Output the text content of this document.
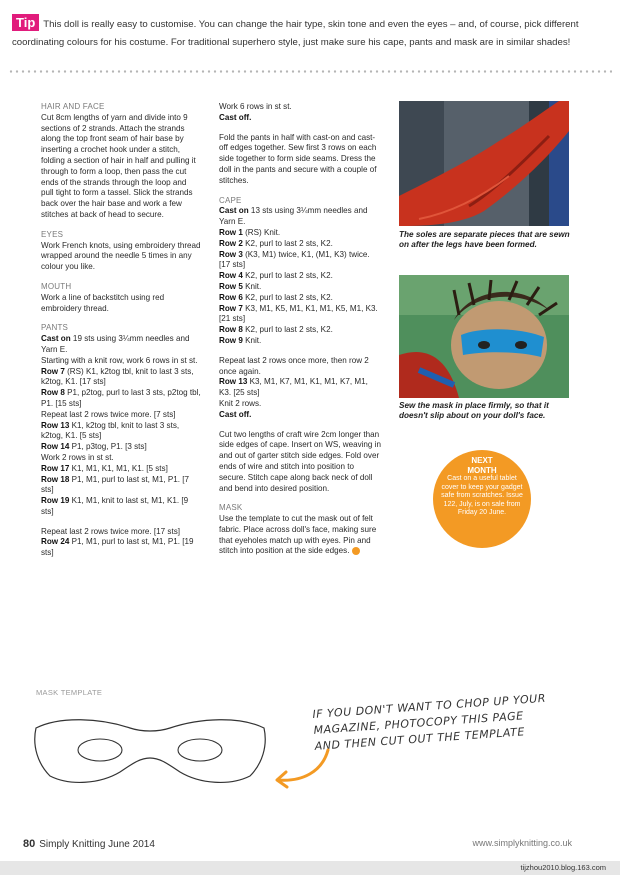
Tip This doll is really easy to customise. You can change the hair type, skin tone and even the eyes – and, of course, pick different coordinating colours for his costume. For traditional superhero style, just make sure his cape, pants and mask are in similar shades!
HAIR AND FACE
Cut 8cm lengths of yarn and divide into 9 sections of 2 strands. Attach the strands along the top front seam of hair base by inserting a crochet hook under a stitch, folding a section of hair in half and pulling it through to form a loop, then pass the cut ends of the strands through the loop and pull tight to form a tassel. Slick the strands back over the hair base and work a few stitches at back of head to secure.
EYES
Work French knots, using embroidery thread wrapped around the needle 5 times in any colour you like.
MOUTH
Work a line of backstitch using red embroidery thread.
PANTS
Cast on 19 sts using 3¼mm needles and Yarn E.
Starting with a knit row, work 6 rows in st st.
Row 7 (RS) K1, k2tog tbl, knit to last 3 sts, k2tog, K1. [17 sts]
Row 8 P1, p2tog, purl to last 3 sts, p2tog tbl, P1. [15 sts]
Repeat last 2 rows twice more. [7 sts]
Row 13 K1, k2tog tbl, knit to last 3 sts, k2tog, K1. [5 sts]
Row 14 P1, p3tog, P1. [3 sts]
Work 2 rows in st st.
Row 17 K1, M1, K1, M1, K1. [5 sts]
Row 18 P1, M1, purl to last st, M1, P1. [7 sts]
Row 19 K1, M1, knit to last st, M1, K1. [9 sts]
Repeat last 2 rows twice more. [17 sts]
Row 24 P1, M1, purl to last st, M1, P1. [19 sts]
Work 6 rows in st st.
Cast off.
Fold the pants in half with cast-on and cast-off edges together. Sew first 3 rows on each side together to form side seams. Dress the doll in the pants and secure with a couple of stitches.
CAPE
Cast on 13 sts using 3¼mm needles and Yarn E.
Row 1 (RS) Knit.
Row 2 K2, purl to last 2 sts, K2.
Row 3 (K3, M1) twice, K1, (M1, K3) twice. [17 sts]
Row 4 K2, purl to last 2 sts, K2.
Row 5 Knit.
Row 6 K2, purl to last 2 sts, K2.
Row 7 K3, M1, K5, M1, K1, M1, K5, M1, K3. [21 sts]
Row 8 K2, purl to last 2 sts, K2.
Row 9 Knit.
Repeat last 2 rows once more, then row 2 once again.
Row 13 K3, M1, K7, M1, K1, M1, K7, M1, K3. [25 sts]
Knit 2 rows.
Cast off.
Cut two lengths of craft wire 2cm longer than side edges of cape. Insert on WS, weaving in and out of garter stitch side edges. Fold over ends of wire and stitch into position to secure. Stitch cape along back neck of doll and bend into desired position.
MASK
Use the template to cut the mask out of felt fabric. Place across doll's face, making sure that eyeholes match up with eyes. Pin and stitch into position at the side edges.
The soles are separate pieces that are sewn on after the legs have been formed.
Sew the mask in place firmly, so that it doesn't slip about on your doll's face.
NEXT
MONTH
Cast on a useful tablet cover to keep your gadget safe from scratches. Issue 122, July, is on sale from Friday 20 June.
MASK TEMPLATE	IF YOU DON'T WANT TO CHOP UP YOUR MAGAZINE, PHOTOCOPY THIS PAGE AND THEN CUT OUT THE TEMPLATE
80 Simply Knitting June 2014	www.simplyknitting.co.uk
tijzhou2010.blog.163.com
